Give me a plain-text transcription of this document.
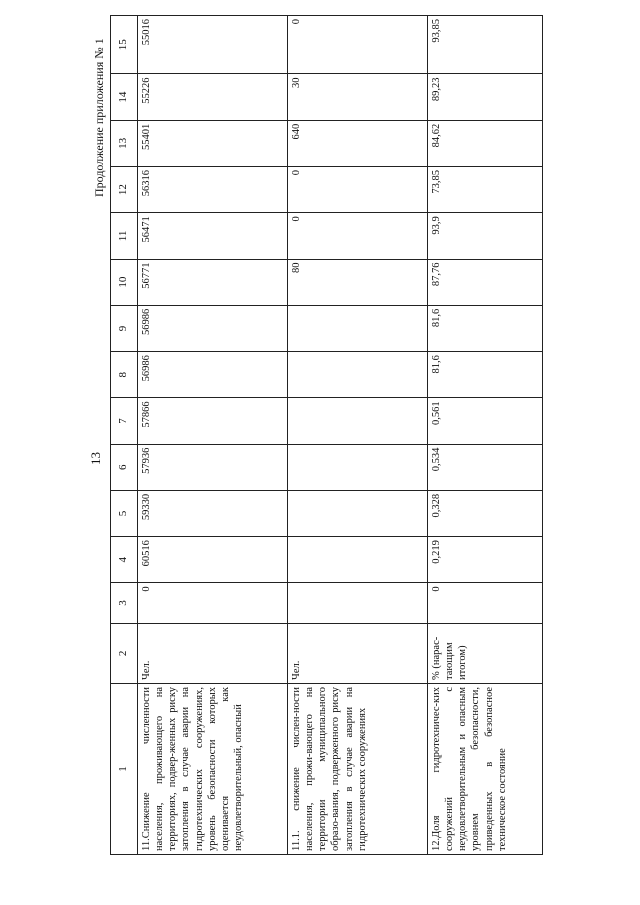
13
Продолжение приложения № 1
1	2	3	4	5	6	7	8	9	10	11	12	13	14	15
11.Снижение численности населения, проживающего на территориях, подвер-женных риску затопления в случае аварии на гидротехнических сооружениях, уровень безопасности которых оценивается как неудовлетворительный, опасный	Чел.	0	60516	59330	57936	57866	56986	56986	56771	56471	56316	55401	55226	55016
11.1. снижение числен-ности населения, прожи-вающего на территории муниципального образо-вания, подверженного риску затопления в случае аварии на гидротехнических сооружениях	Чел.								80	0	0	640	30	0
12.Доля гидротехничес-ких сооружений с неудовлетворительным и опасным уровнем безопасности, приведенных в безопасное техническое состояние	% (нарас-тающим итогом)	0	0,219	0,328	0,534	0,561	81,6	81,6	87,76	93,9	73,85	84,62	89,23	93,85
